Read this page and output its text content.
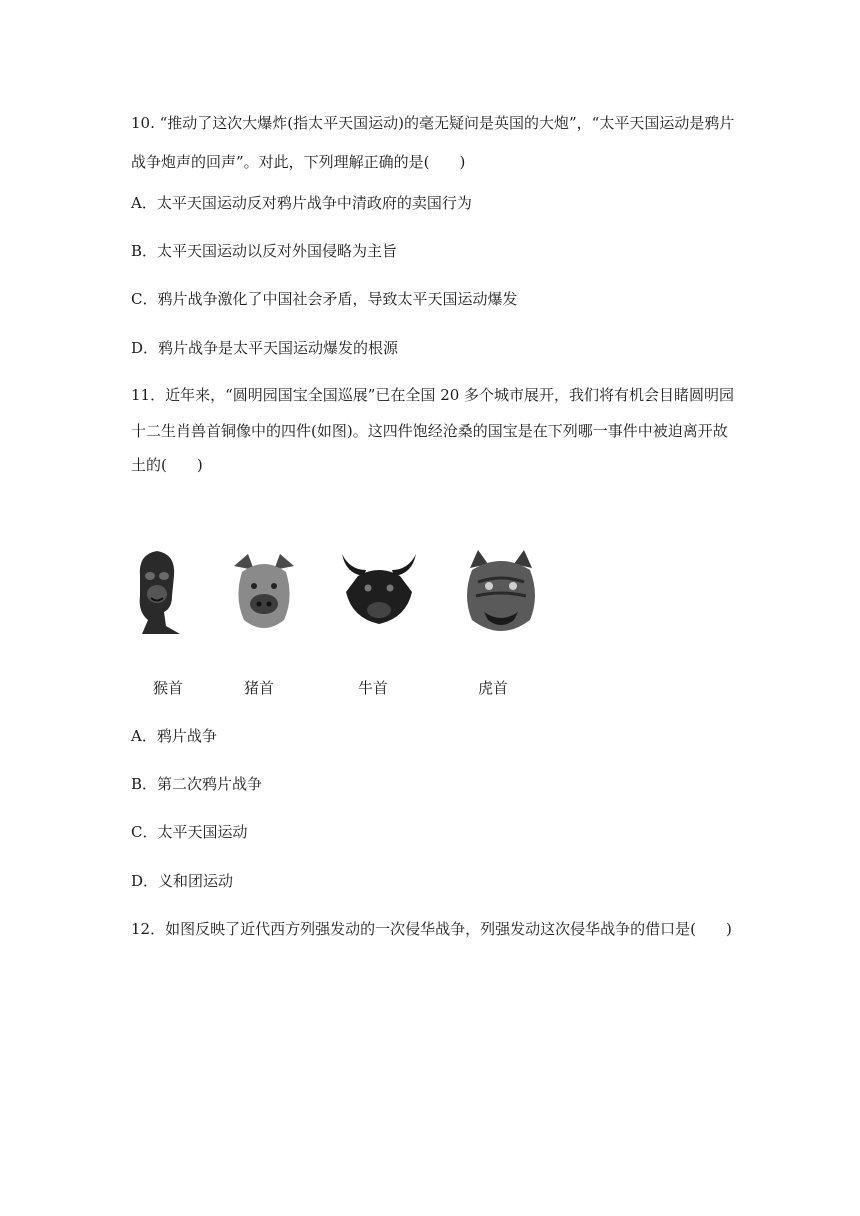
10. “推动了这次大爆炸(指太平天国运动)的毫无疑问是英国的大炮”，“太平天国运动是鸦片
战争炮声的回声”。对此，下列理解正确的是(　　)
A．太平天国运动反对鸦片战争中清政府的卖国行为
B．太平天国运动以反对外国侵略为主旨
C．鸦片战争激化了中国社会矛盾，导致太平天国运动爆发
D．鸦片战争是太平天国运动爆发的根源
11．近年来，“圆明园国宝全国巡展”已在全国 20 多个城市展开，我们将有机会目睹圆明园
十二生肖兽首铜像中的四件(如图)。这四件饱经沧桑的国宝是在下列哪一事件中被迫离开故
土的(　　)
猴首	猪首	牛首	虎首
A．鸦片战争
B．第二次鸦片战争
C．太平天国运动
D．义和团运动
12．如图反映了近代西方列强发动的一次侵华战争，列强发动这次侵华战争的借口是(　　)
